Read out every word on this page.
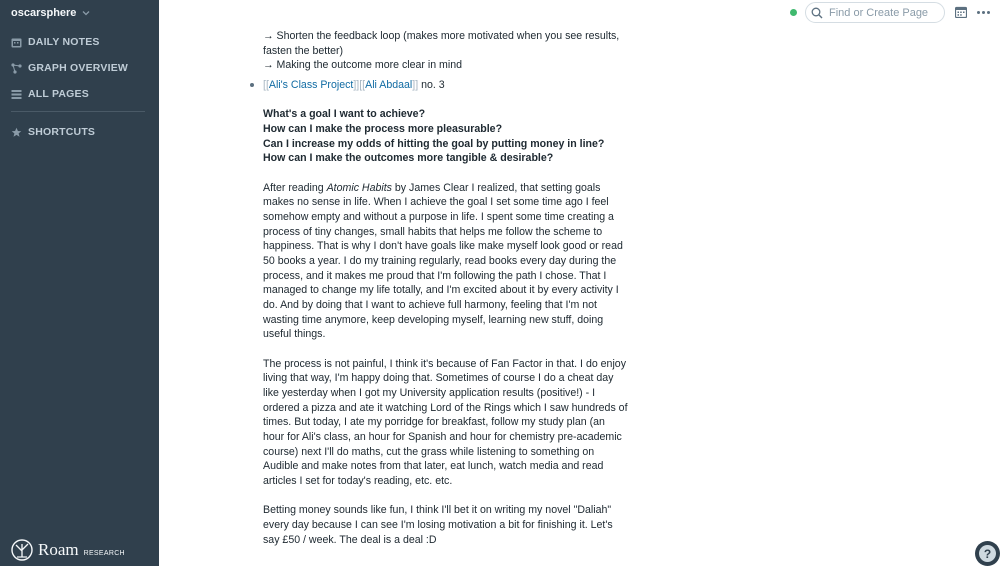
oscarsphere
DAILY NOTES
GRAPH OVERVIEW
ALL PAGES
SHORTCUTS
Roam RESEARCH
Find or Create Page

→ Shorten the feedback loop (makes more motivated when you see results,

fasten the better)

→ Making the outcome more clear in mind

[[Ali's Class Project]][[Ali Abdaal]] no. 3

What's a goal I want to achieve?

How can I make the process more pleasurable?

Can I increase my odds of hitting the goal by putting money in line?

How can I make the outcomes more tangible & desirable?

After reading Atomic Habits by James Clear I realized, that setting goals

makes no sense in life. When I achieve the goal I set some time ago I feel

somehow empty and without a purpose in life. I spent some time creating a

process of tiny changes, small habits that helps me follow the scheme to

happiness. That is why I don't have goals like make myself look good or read

50 books a year. I do my training regularly, read books every day during the

process, and it makes me proud that I'm following the path I chose. That I

managed to change my life totally, and I'm excited about it by every activity I

do. And by doing that I want to achieve full harmony, feeling that I'm not

wasting time anymore, keep developing myself, learning new stuff, doing

useful things.

The process is not painful, I think it's because of Fan Factor in that. I do enjoy

living that way, I'm happy doing that. Sometimes of course I do a cheat day

like yesterday when I got my University application results (positive!) - I

ordered a pizza and ate it watching Lord of the Rings which I saw hundreds of

times. But today, I ate my porridge for breakfast, follow my study plan (an

hour for Ali's class, an hour for Spanish and hour for chemistry pre-academic

course) next I'll do maths, cut the grass while listening to something on

Audible and make notes from that later, eat lunch, watch media and read

articles I set for today's reading, etc. etc.

Betting money sounds like fun, I think I'll bet it on writing my novel "Daliah"

every day because I can see I'm losing motivation a bit for finishing it. Let's

say £50 / week. The deal is a deal :D

?
